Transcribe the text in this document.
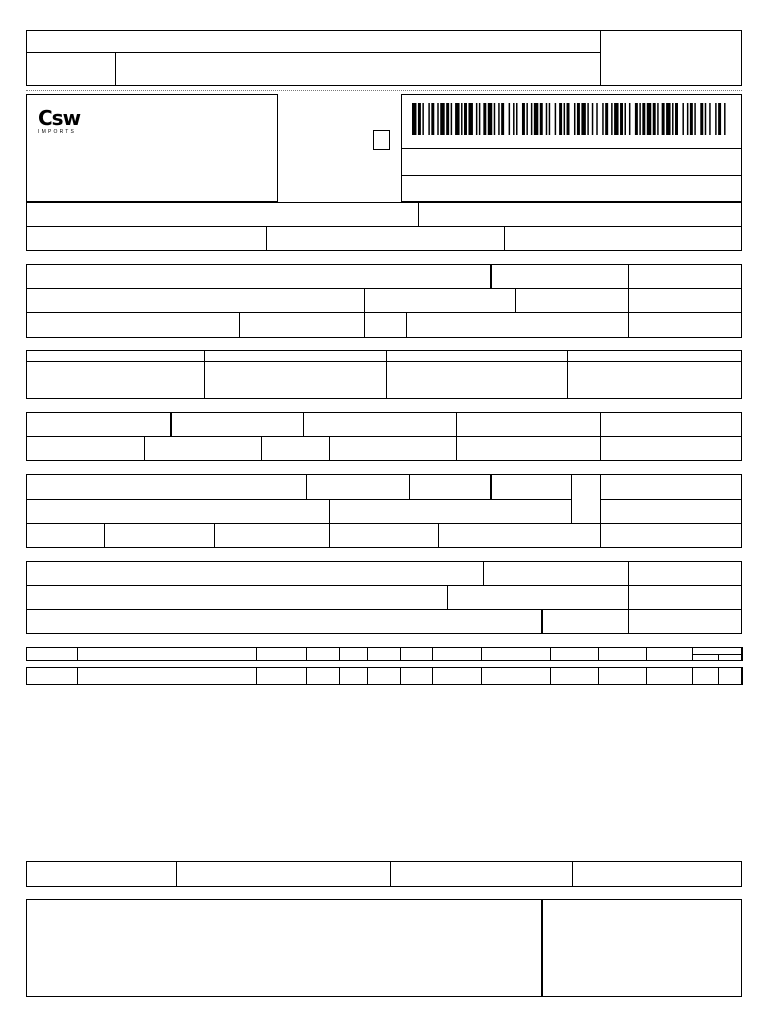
Csw
IMPORTS
